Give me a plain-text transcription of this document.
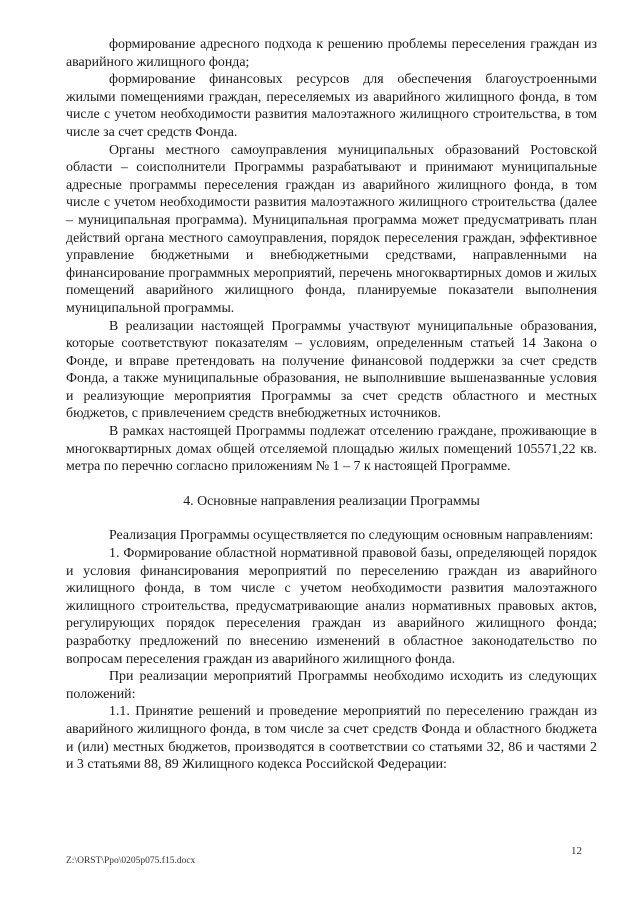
формирование адресного подхода к решению проблемы переселения граждан из аварийного жилищного фонда;

формирование финансовых ресурсов для обеспечения благоустроенными жилыми помещениями граждан, переселяемых из аварийного жилищного фонда, в том числе с учетом необходимости развития малоэтажного жилищного строительства, в том числе за счет средств Фонда.

Органы местного самоуправления муниципальных образований Ростовской области – соисполнители Программы разрабатывают и принимают муниципальные адресные программы переселения граждан из аварийного жилищного фонда, в том числе с учетом необходимости развития малоэтажного жилищного строительства (далее – муниципальная программа). Муниципальная программа может предусматривать план действий органа местного самоуправления, порядок переселения граждан, эффективное управление бюджетными и внебюджетными средствами, направленными на финансирование программных мероприятий, перечень многоквартирных домов и жилых помещений аварийного жилищного фонда, планируемые показатели выполнения муниципальной программы.

В реализации настоящей Программы участвуют муниципальные образования, которые соответствуют показателям – условиям, определенным статьей 14 Закона о Фонде, и вправе претендовать на получение финансовой поддержки за счет средств Фонда, а также муниципальные образования, не выполнившие вышеназванные условия и реализующие мероприятия Программы за счет средств областного и местных бюджетов, с привлечением средств внебюджетных источников.

В рамках настоящей Программы подлежат отселению граждане, проживающие в многоквартирных домах общей отселяемой площадью жилых помещений 105571,22 кв. метра по перечню согласно приложениям № 1 – 7 к настоящей Программе.

4. Основные направления реализации Программы

Реализация Программы осуществляется по следующим основным направлениям:

1. Формирование областной нормативной правовой базы, определяющей порядок и условия финансирования мероприятий по переселению граждан из аварийного жилищного фонда, в том числе с учетом необходимости развития малоэтажного жилищного строительства, предусматривающие анализ нормативных правовых актов, регулирующих порядок переселения граждан из аварийного жилищного фонда; разработку предложений по внесению изменений в областное законодательство по вопросам переселения граждан из аварийного жилищного фонда.

При реализации мероприятий Программы необходимо исходить из следующих положений:

1.1. Принятие решений и проведение мероприятий по переселению граждан из аварийного жилищного фонда, в том числе за счет средств Фонда и областного бюджета и (или) местных бюджетов, производятся в соответствии со статьями 32, 86 и частями 2 и 3 статьями 88, 89 Жилищного кодекса Российской Федерации:

12
Z:\ORST\Ppo\0205p075.f15.docx
